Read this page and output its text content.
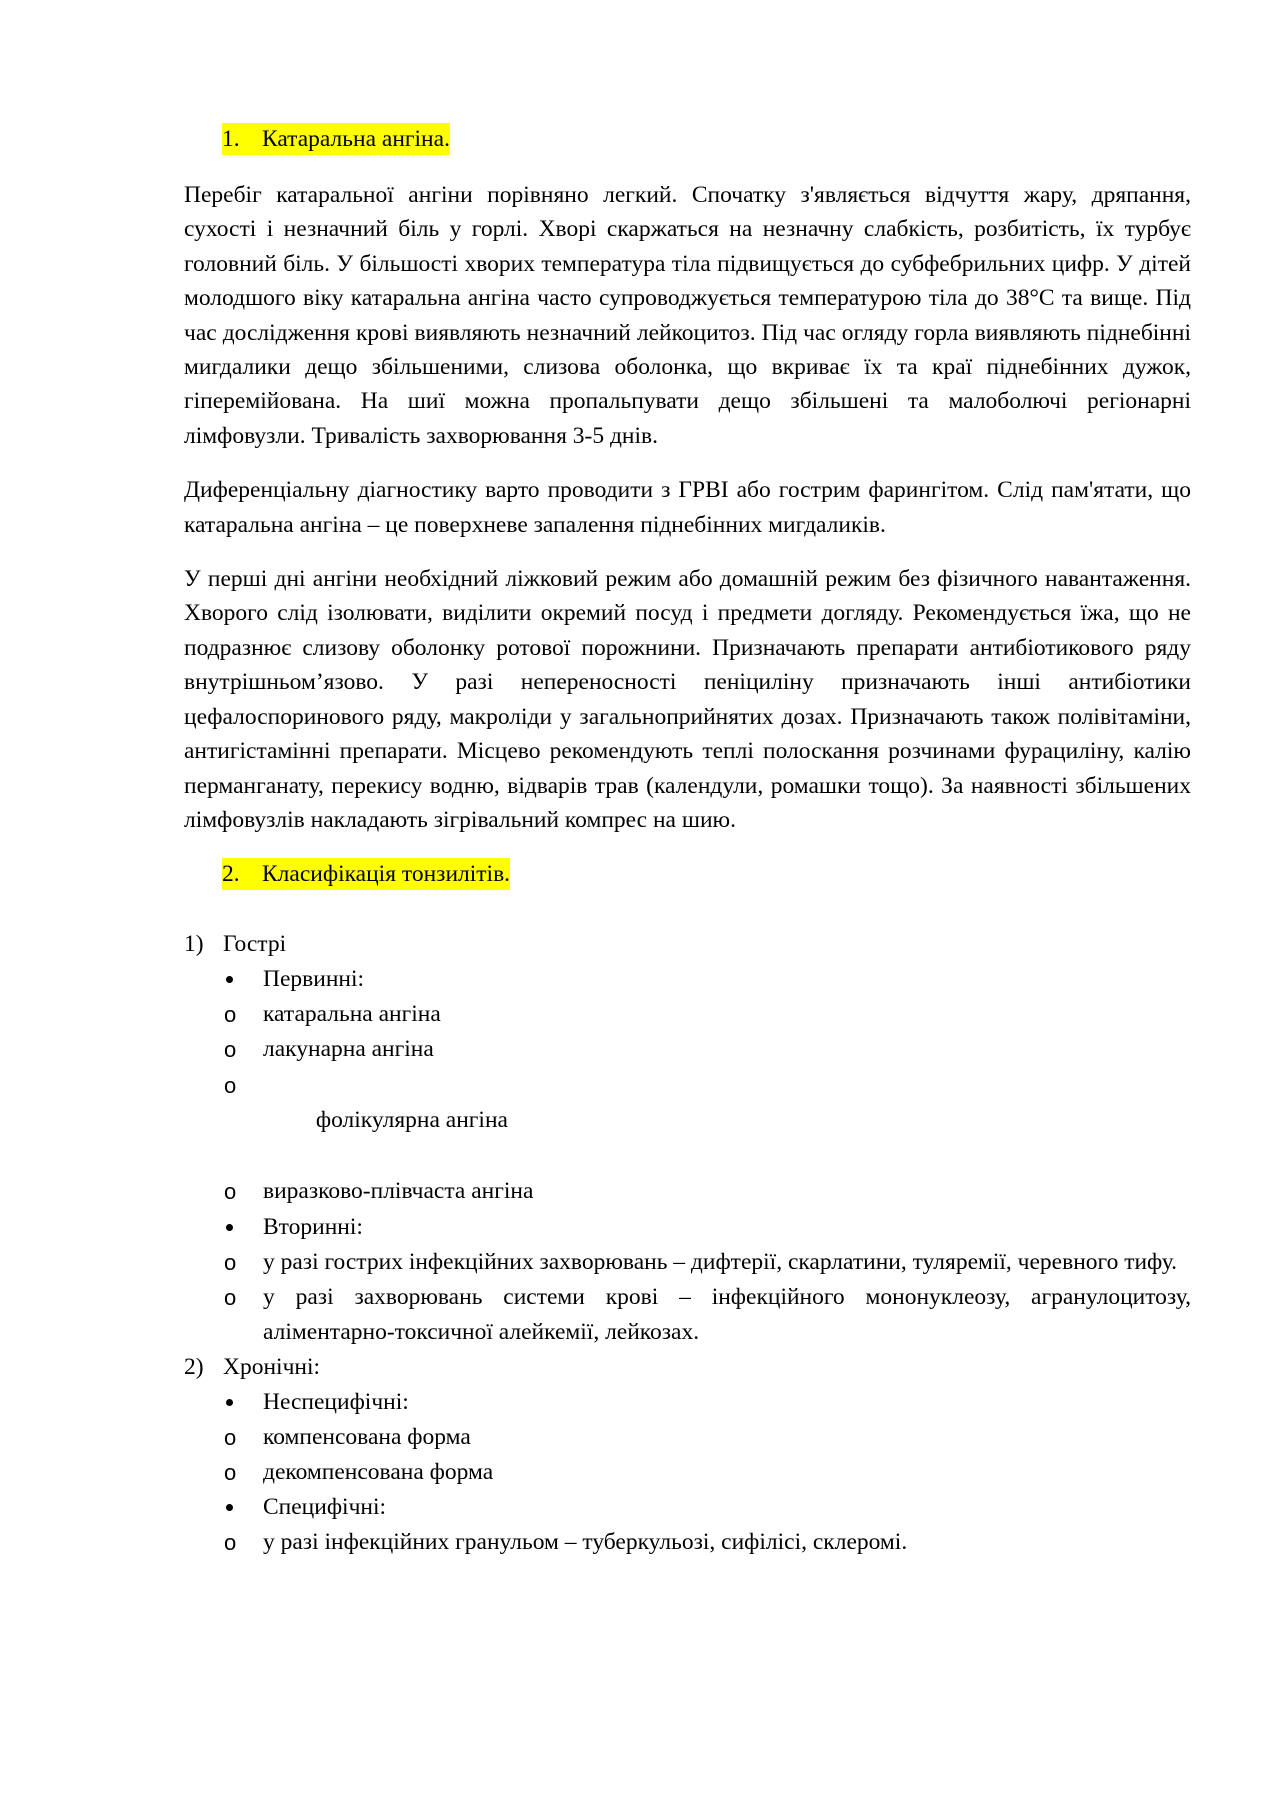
1. Катаральна ангіна.

Перебіг катаральної ангіни порівняно легкий. Спочатку з'являється відчуття жару, дряпання, сухості і незначний біль у горлі. Хворі скаржаться на незначну слабкість, розбитість, їх турбує головний біль. У більшості хворих температура тіла підвищується до субфебрильних цифр. У дітей молодшого віку катаральна ангіна часто супроводжується температурою тіла до 38°С та вище. Під час дослідження крові виявляють незначний лейкоцитоз. Під час огляду горла виявляють піднебінні мигдалики дещо збільшеними, слизова оболонка, що вкриває їх та краї піднебінних дужок, гіперемійована. На шиї можна пропальпувати дещо збільшені та малоболючі регіонарні лімфовузли. Тривалість захворювання 3-5 днів.

Диференціальну діагностику варто проводити з ГРВІ або гострим фарингітом. Слід пам'ятати, що катаральна ангіна – це поверхневе запалення піднебінних мигдаликів.

У перші дні ангіни необхідний ліжковий режим або домашній режим без фізичного навантаження. Хворого слід ізолювати, виділити окремий посуд і предмети догляду. Рекомендується їжа, що не подразнює слизову оболонку ротової порожнини. Призначають препарати антибіотикового ряду внутрішньом’язово. У разі непереносності пеніциліну призначають інші антибіотики цефалоспоринового ряду, макроліди у загальноприйнятих дозах. Призначають також полівітаміни, антигістамінні препарати. Місцево рекомендують теплі полоскання розчинами фурациліну, калію перманганату, перекису водню, відварів трав (календули, ромашки тощо). За наявності збільшених лімфовузлів накладають зігрівальний компрес на шию.

2. Класифікація тонзилітів.
1) Гострі
Первинні:
o катаральна ангіна
o лакунарна ангіна

o
фолікулярна ангіна

o виразково-плівчаста ангіна
Вторинні:
o у разі гострих інфекційних захворювань – дифтерії, скарлатини, туляремії, черевного тифу.
o у разі захворювань системи крові – інфекційного мононуклеозу, агранулоцитозу, аліментарно-токсичної алейкемії, лейкозах.
2) Хронічні:
Неспецифічні:
o компенсована форма
o декомпенсована форма
Специфічні:
o у разі інфекційних гранульом – туберкульозі, сифілісі, склеромі.
